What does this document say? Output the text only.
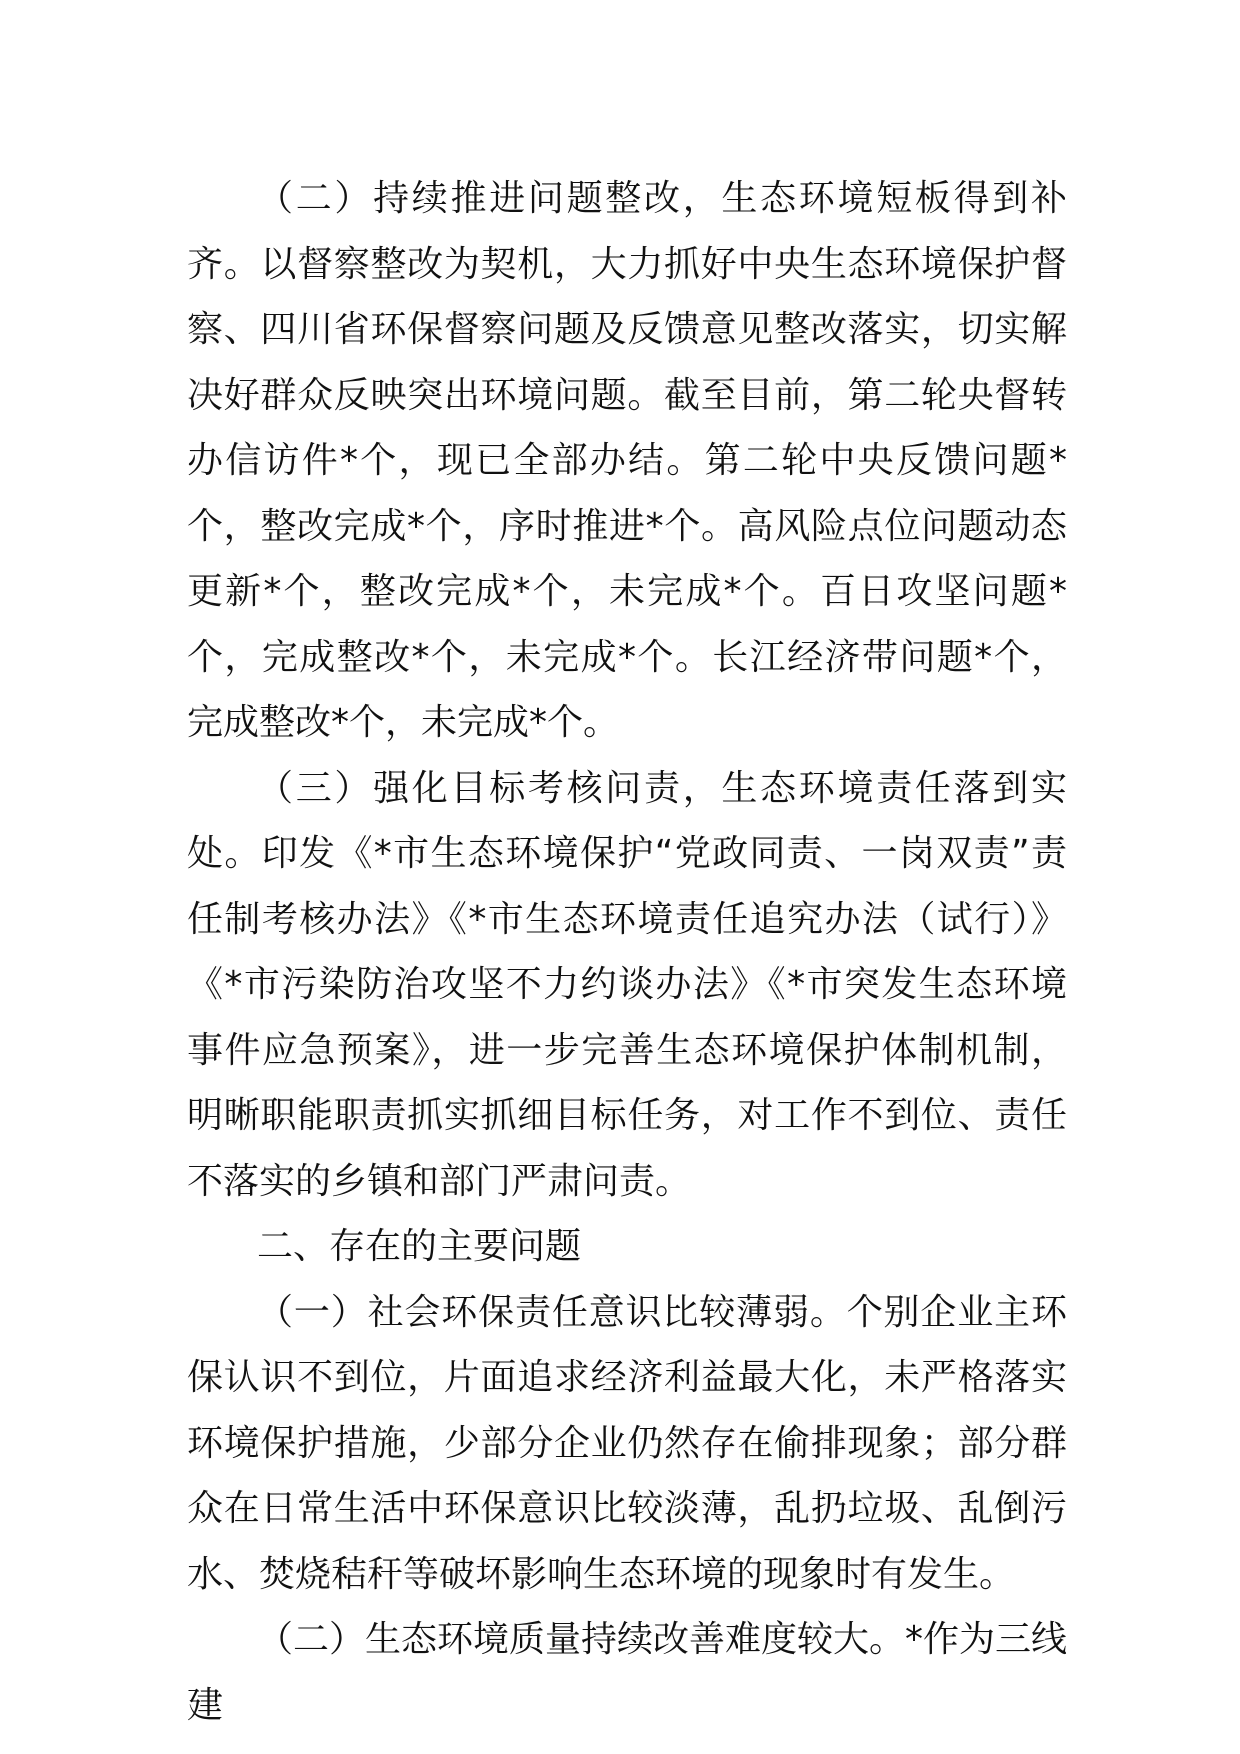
（二）持续推进问题整改，生态环境短板得到补齐。以督察整改为契机，大力抓好中央生态环境保护督察、四川省环保督察问题及反馈意见整改落实，切实解决好群众反映突出环境问题。截至目前，第二轮央督转办信访件*个，现已全部办结。第二轮中央反馈问题*个，整改完成*个，序时推进*个。高风险点位问题动态更新*个，整改完成*个，未完成*个。百日攻坚问题*个，完成整改*个，未完成*个。长江经济带问题*个，完成整改*个，未完成*个。

（三）强化目标考核问责，生态环境责任落到实处。印发《*市生态环境保护“党政同责、一岗双责”责任制考核办法》《*市生态环境责任追究办法（试行）》《*市污染防治攻坚不力约谈办法》《*市突发生态环境事件应急预案》，进一步完善生态环境保护体制机制，明晰职能职责抓实抓细目标任务，对工作不到位、责任不落实的乡镇和部门严肃问责。

二、存在的主要问题

（一）社会环保责任意识比较薄弱。个别企业主环保认识不到位，片面追求经济利益最大化，未严格落实环境保护措施，少部分企业仍然存在偷排现象；部分群众在日常生活中环保意识比较淡薄，乱扔垃圾、乱倒污水、焚烧秸秆等破坏影响生态环境的现象时有发生。

（二）生态环境质量持续改善难度较大。*作为三线建
